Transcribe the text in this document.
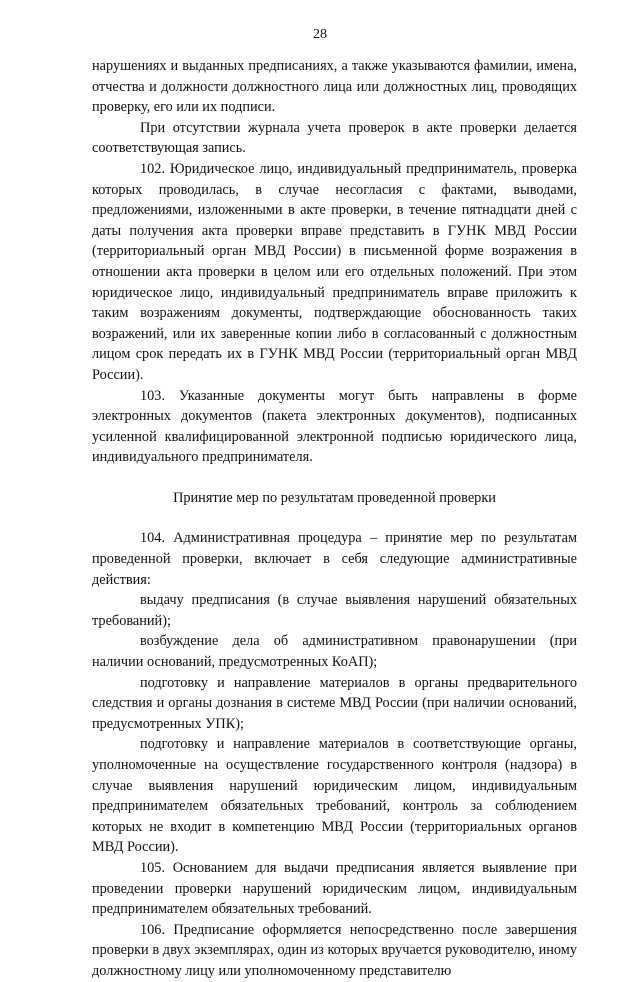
28

нарушениях и выданных предписаниях, а также указываются фамилии, имена, отчества и должности должностного лица или должностных лиц, проводящих проверку, его или их подписи.

При отсутствии журнала учета проверок в акте проверки делается соответствующая запись.

102. Юридическое лицо, индивидуальный предприниматель, проверка которых проводилась, в случае несогласия с фактами, выводами, предложениями, изложенными в акте проверки, в течение пятнадцати дней с даты получения акта проверки вправе представить в ГУНК МВД России (территориальный орган МВД России) в письменной форме возражения в отношении акта проверки в целом или его отдельных положений. При этом юридическое лицо, индивидуальный предприниматель вправе приложить к таким возражениям документы, подтверждающие обоснованность таких возражений, или их заверенные копии либо в согласованный с должностным лицом срок передать их в ГУНК МВД России (территориальный орган МВД России).

103. Указанные документы могут быть направлены в форме электронных документов (пакета электронных документов), подписанных усиленной квалифицированной электронной подписью юридического лица, индивидуального предпринимателя.

Принятие мер по результатам проведенной проверки

104. Административная процедура – принятие мер по результатам проведенной проверки, включает в себя следующие административные действия:

выдачу предписания (в случае выявления нарушений обязательных требований);

возбуждение дела об административном правонарушении (при наличии оснований, предусмотренных КоАП);

подготовку и направление материалов в органы предварительного следствия и органы дознания в системе МВД России (при наличии оснований, предусмотренных УПК);

подготовку и направление материалов в соответствующие органы, уполномоченные на осуществление государственного контроля (надзора) в случае выявления нарушений юридическим лицом, индивидуальным предпринимателем обязательных требований, контроль за соблюдением которых не входит в компетенцию МВД России (территориальных органов МВД России).

105. Основанием для выдачи предписания является выявление при проведении проверки нарушений юридическим лицом, индивидуальным предпринимателем обязательных требований.

106. Предписание оформляется непосредственно после завершения проверки в двух экземплярах, один из которых вручается руководителю, иному должностному лицу или уполномоченному представителю
